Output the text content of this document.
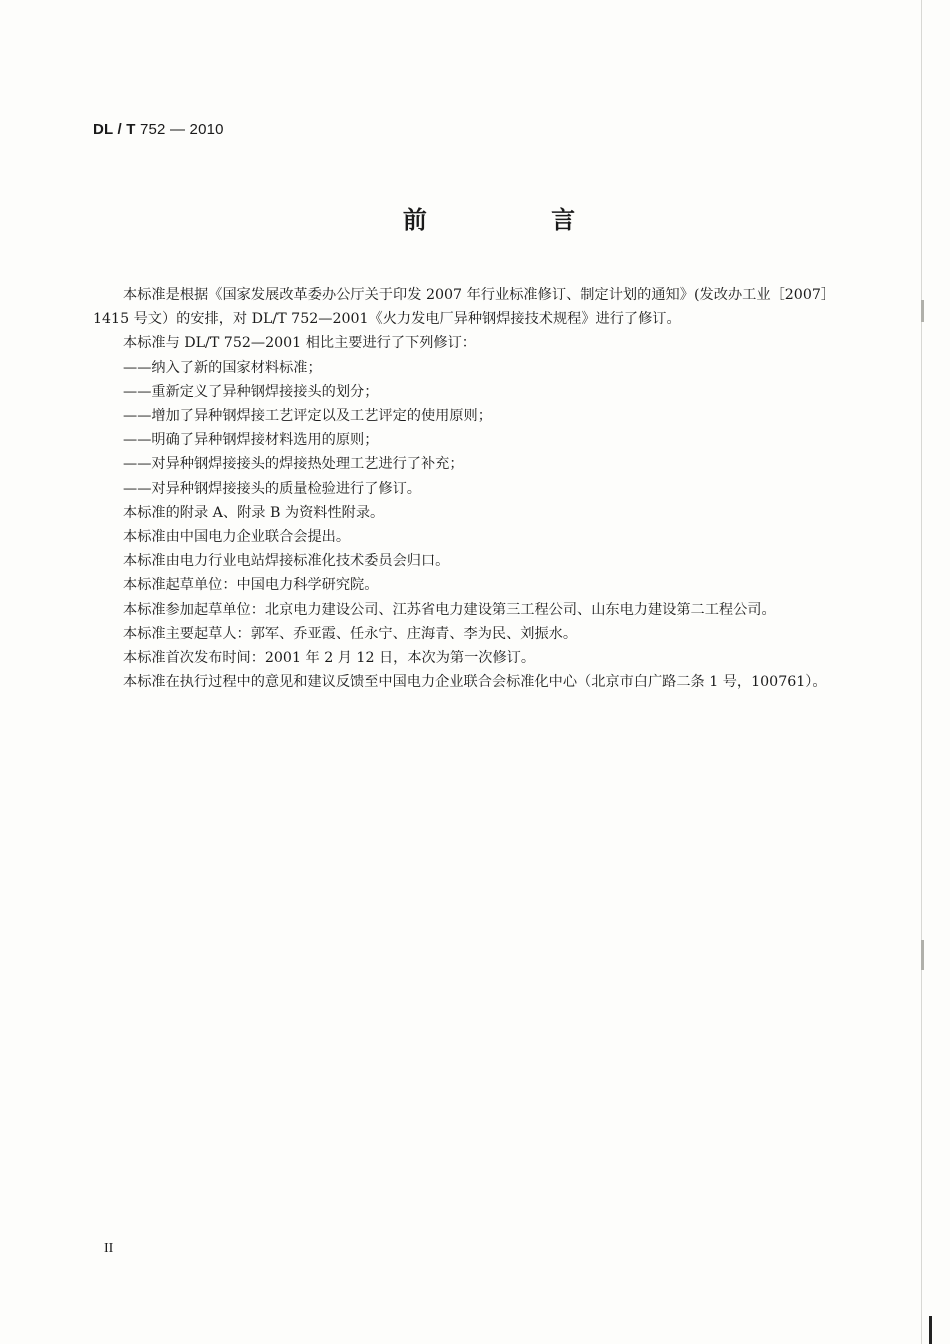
DL / T 752 — 2010
前 言

本标准是根据《国家发展改革委办公厅关于印发 2007 年行业标准修订、制定计划的通知》(发改办工业［2007］1415 号文）的安排，对 DL/T 752—2001《火力发电厂异种钢焊接技术规程》进行了修订。

本标准与 DL/T 752—2001 相比主要进行了下列修订：

——纳入了新的国家材料标准；

——重新定义了异种钢焊接接头的划分；

——增加了异种钢焊接工艺评定以及工艺评定的使用原则；

——明确了异种钢焊接材料选用的原则；

——对异种钢焊接接头的焊接热处理工艺进行了补充；

——对异种钢焊接接头的质量检验进行了修订。

本标准的附录 A、附录 B 为资料性附录。

本标准由中国电力企业联合会提出。

本标准由电力行业电站焊接标准化技术委员会归口。

本标准起草单位：中国电力科学研究院。

本标准参加起草单位：北京电力建设公司、江苏省电力建设第三工程公司、山东电力建设第二工程公司。

本标准主要起草人：郭军、乔亚霞、任永宁、庄海青、李为民、刘振水。

本标准首次发布时间：2001 年 2 月 12 日，本次为第一次修订。

本标准在执行过程中的意见和建议反馈至中国电力企业联合会标准化中心（北京市白广路二条 1 号，100761）。

II
